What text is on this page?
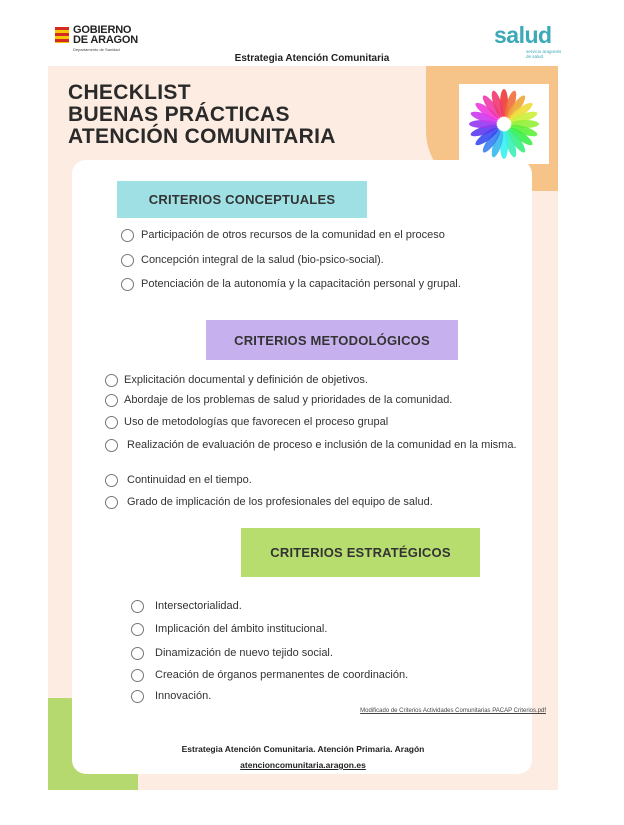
GOBIERNO
DE ARAGON
Departamento de Sanidad
Estrategia Atención Comunitaria
salud
servicio aragonés de salud
CHECKLIST
BUENAS PRÁCTICAS
ATENCIÓN COMUNITARIA
CRITERIOS CONCEPTUALES
Participación de otros recursos de la comunidad en el proceso
Concepción integral de la salud (bio-psico-social).
Potenciación de la autonomía y la capacitación personal y grupal.
CRITERIOS METODOLÓGICOS
Explicitación documental y definición de objetivos.
Abordaje de los problemas de salud y prioridades de la comunidad.
Uso de metodologías que favorecen el proceso grupal
Realización de evaluación de proceso e inclusión de la comunidad en la misma.
Continuidad en el tiempo.
Grado de implicación de los profesionales del equipo de salud.
CRITERIOS ESTRATÉGICOS
Intersectorialidad.
Implicación del ámbito institucional.
Dinamización de nuevo tejido social.
Creación de órganos permanentes de coordinación.
Innovación.
Modificado de Criterios Actividades Comunitarias PACAP Criterios.pdf
Estrategia Atención Comunitaria. Atención Primaria. Aragón
atencioncomunitaria.aragon.es
